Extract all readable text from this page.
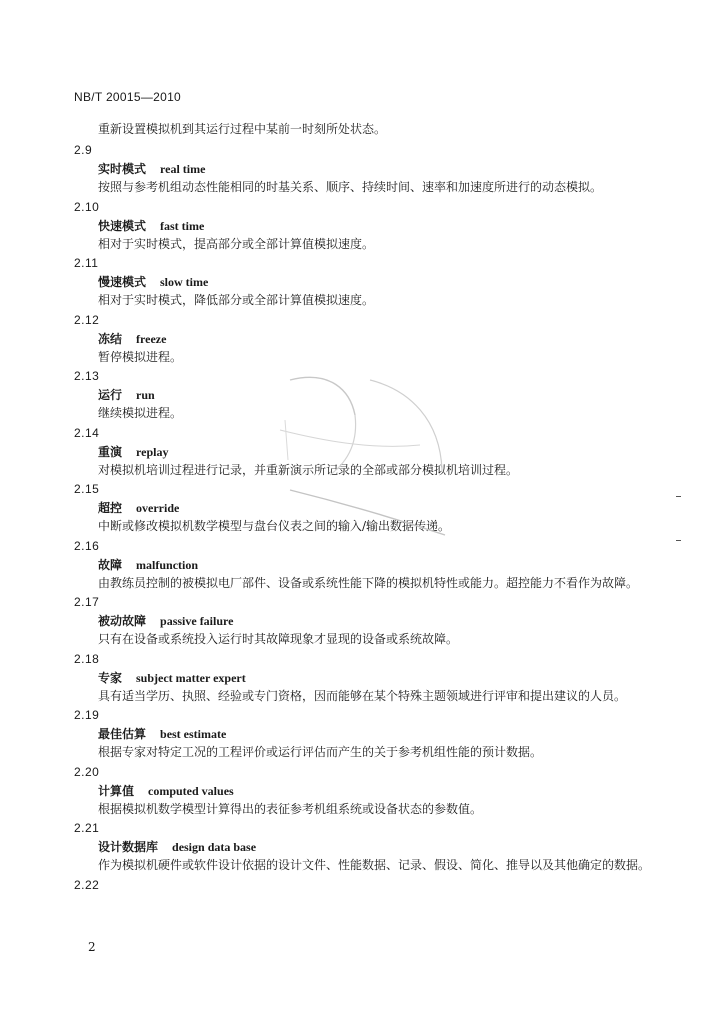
NB/T 20015—2010
重新设置模拟机到其运行过程中某前一时刻所处状态。
2.9
实时模式 real time
按照与参考机组动态性能相同的时基关系、顺序、持续时间、速率和加速度所进行的动态模拟。
2.10
快速模式 fast time
相对于实时模式，提高部分或全部计算值模拟速度。
2.11
慢速模式 slow time
相对于实时模式，降低部分或全部计算值模拟速度。
2.12
冻结 freeze
暂停模拟进程。
2.13
运行 run
继续模拟进程。
2.14
重演 replay
对模拟机培训过程进行记录，并重新演示所记录的全部或部分模拟机培训过程。
2.15
超控 override
中断或修改模拟机数学模型与盘台仪表之间的输入/输出数据传递。
2.16
故障 malfunction
由教练员控制的被模拟电厂部件、设备或系统性能下降的模拟机特性或能力。超控能力不看作为故障。
2.17
被动故障 passive failure
只有在设备或系统投入运行时其故障现象才显现的设备或系统故障。
2.18
专家 subject matter expert
具有适当学历、执照、经验或专门资格，因而能够在某个特殊主题领域进行评审和提出建议的人员。
2.19
最佳估算 best estimate
根据专家对特定工况的工程评价或运行评估而产生的关于参考机组性能的预计数据。
2.20
计算值 computed values
根据模拟机数学模型计算得出的表征参考机组系统或设备状态的参数值。
2.21
设计数据库 design data base
作为模拟机硬件或软件设计依据的设计文件、性能数据、记录、假设、简化、推导以及其他确定的数据。
2.22
2
